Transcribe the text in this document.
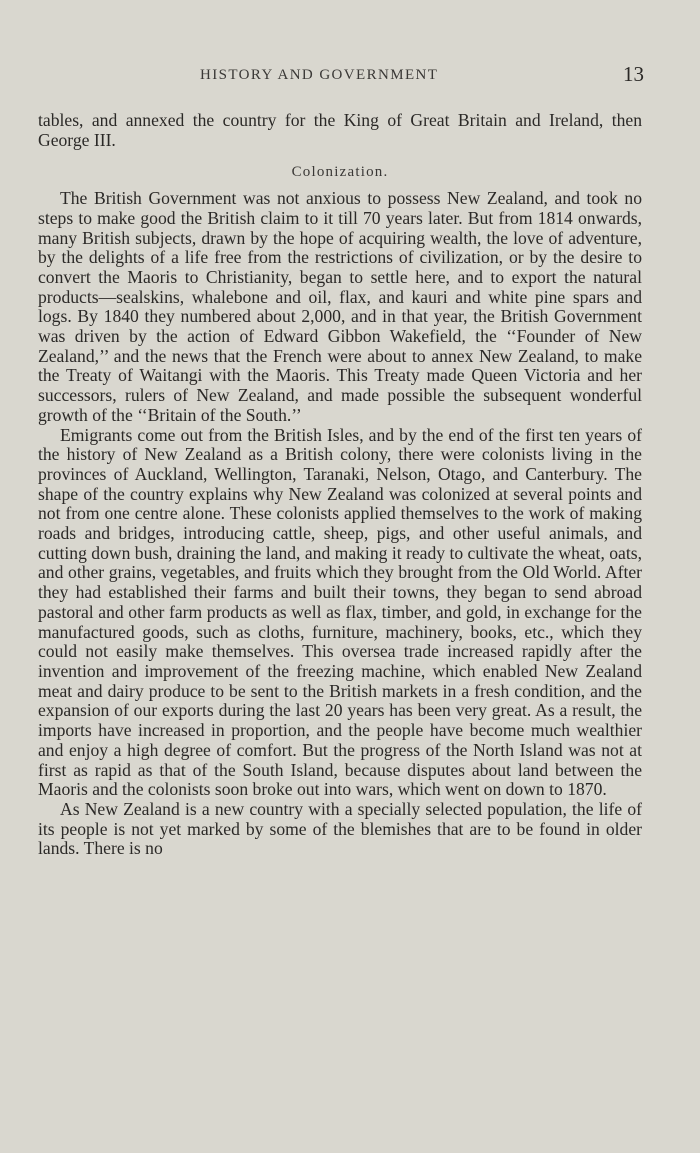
HISTORY AND GOVERNMENT	13

tables, and annexed the country for the King of Great Britain and Ireland, then George III.

Colonization.

The British Government was not anxious to possess New Zealand, and took no steps to make good the British claim to it till 70 years later. But from 1814 onwards, many British subjects, drawn by the hope of acquiring wealth, the love of adventure, by the delights of a life free from the restrictions of civilization, or by the desire to convert the Maoris to Christianity, began to settle here, and to export the natural products—sealskins, whalebone and oil, flax, and kauri and white pine spars and logs. By 1840 they numbered about 2,000, and in that year, the British Government was driven by the action of Edward Gibbon Wakefield, the ‘‘Founder of New Zealand,’’ and the news that the French were about to annex New Zealand, to make the Treaty of Waitangi with the Maoris. This Treaty made Queen Victoria and her successors, rulers of New Zealand, and made possible the subsequent wonderful growth of the ‘‘Britain of the South.’’

Emigrants come out from the British Isles, and by the end of the first ten years of the history of New Zealand as a British colony, there were colonists living in the provinces of Auckland, Wellington, Taranaki, Nelson, Otago, and Canterbury. The shape of the country explains why New Zealand was colonized at several points and not from one centre alone. These colonists applied themselves to the work of making roads and bridges, introducing cattle, sheep, pigs, and other useful animals, and cutting down bush, draining the land, and making it ready to cultivate the wheat, oats, and other grains, vegetables, and fruits which they brought from the Old World. After they had established their farms and built their towns, they began to send abroad pastoral and other farm products as well as flax, timber, and gold, in exchange for the manufactured goods, such as cloths, furniture, machinery, books, etc., which they could not easily make themselves. This oversea trade increased rapidly after the invention and improvement of the freezing machine, which enabled New Zealand meat and dairy produce to be sent to the British markets in a fresh condition, and the expansion of our exports during the last 20 years has been very great. As a result, the imports have increased in proportion, and the people have become much wealthier and enjoy a high degree of comfort. But the progress of the North Island was not at first as rapid as that of the South Island, because disputes about land between the Maoris and the colonists soon broke out into wars, which went on down to 1870.

As New Zealand is a new country with a specially selected population, the life of its people is not yet marked by some of the blemishes that are to be found in older lands. There is no
